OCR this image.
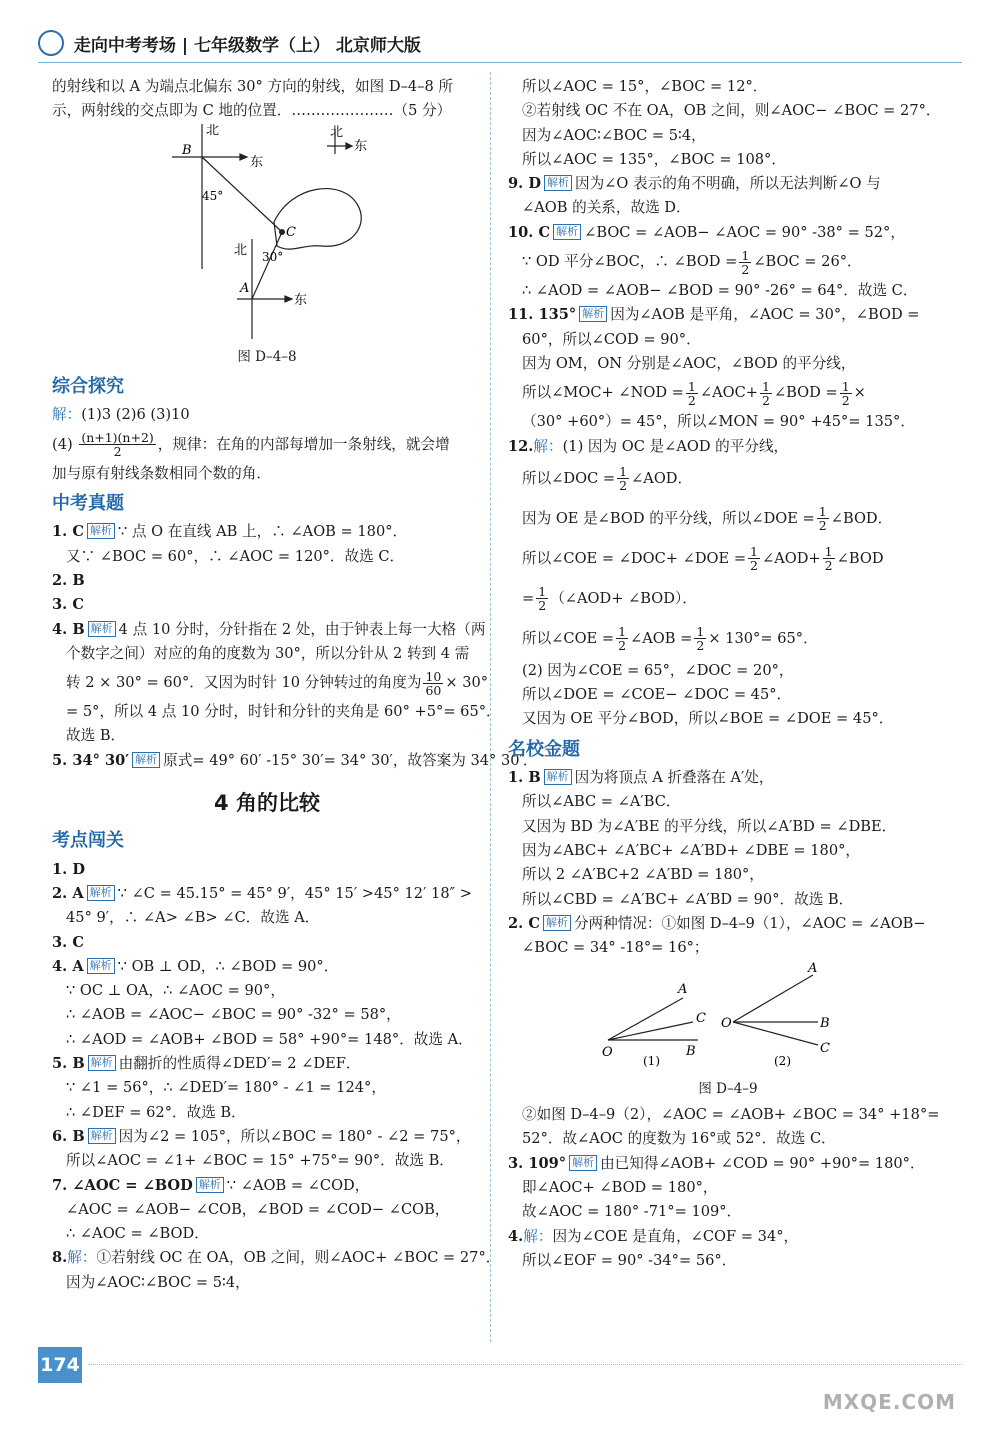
走向中考考场 | 七年级数学（上） 北京师大版
的射线和以 A 为端点北偏东 30° 方向的射线，如图 D–4–8 所
示，两射线的交点即为 C 地的位置．…………………（5 分）
北
B
东
45°
C
北 30°
A
东
北
东
图 D–4–8
综合探究
解：(1)3 (2)6 (3)10
$(4) \frac{(n+1)(n+2)}{2}$ ，规律：在角的内部每增加一条射线，就会增
加与原有射线条数相同个数的角．
中考真题
1. C 解析 ∵ 点 O 在直线 AB 上，∴ ∠AOB = 180°．
又∵ ∠BOC = 60°，∴ ∠AOC = 120°．故选 C．
2. B
3. C
4. B 解析 4 点 10 分时，分针指在 2 处，由于钟表上每一大格（两
个数字之间）对应的角的度数为 30°，所以分针从 2 转到 4 需
转 2 × 30° = 60°．又因为时针 10 分钟转过的角度为 $\frac{10}{60} \times 30^\circ$
= 5°，所以 4 点 10 分时，时针和分针的夹角是 60° +5°= 65°．
故选 B．
5. 34° 30′ 解析 原式= 49° 60′ -15° 30′= 34° 30′，故答案为 34° 30′．
4 角的比较
考点闯关
1. D
2. A 解析 ∵ ∠C = 45.15° = 45° 9′，45° 15′ >45° 12′ 18″ >
45° 9′，∴ ∠A> ∠B> ∠C．故选 A．
3. C
4. A 解析 ∵ OB ⊥ OD，∴ ∠BOD = 90°．
∵ OC ⊥ OA，∴ ∠AOC = 90°，
∴ ∠AOB = ∠AOC− ∠BOC = 90° -32° = 58°，
∴ ∠AOD = ∠AOB+ ∠BOD = 58° +90°= 148°．故选 A．
5. B 解析 由翻折的性质得∠DED′= 2 ∠DEF．
∵ ∠1 = 56°，∴ ∠DED′= 180° - ∠1 = 124°，
∴ ∠DEF = 62°．故选 B．
6. B 解析 因为∠2 = 105°，所以∠BOC = 180° - ∠2 = 75°，
所以∠AOC = ∠1+ ∠BOC = 15° +75°= 90°．故选 B．
7. ∠AOC = ∠BOD 解析 ∵ ∠AOB = ∠COD，
∠AOC = ∠AOB− ∠COB，∠BOD = ∠COD− ∠COB，
∴ ∠AOC = ∠BOD．
8.解：①若射线 OC 在 OA，OB 之间，则∠AOC+ ∠BOC = 27°．
因为∠AOC∶∠BOC = 5∶4，
所以∠AOC = 15°，∠BOC = 12°．
②若射线 OC 不在 OA，OB 之间，则∠AOC− ∠BOC = 27°．
因为∠AOC∶∠BOC = 5∶4，
所以∠AOC = 135°，∠BOC = 108°．
9. D 解析 因为∠O 表示的角不明确，所以无法判断∠O 与
∠AOB 的关系，故选 D．
10. C 解析 ∠BOC = ∠AOB− ∠AOC = 90° -38° = 52°，
∵ OD 平分∠BOC，∴ ∠BOD = $\frac{1}{2}$ ∠BOC = 26°．
∴ ∠AOD = ∠AOB− ∠BOD = 90° -26° = 64°．故选 C．
11. 135° 解析 因为∠AOB 是平角，∠AOC = 30°，∠BOD =
60°，所以∠COD = 90°．
因为 OM，ON 分别是∠AOC，∠BOD 的平分线，
所以∠MOC+ ∠NOD = $\frac{1}{2}$ ∠AOC+ $\frac{1}{2}$ ∠BOD = $\frac{1}{2}$ ×
（30° +60°）= 45°，所以∠MON = 90° +45°= 135°．
12.解：(1) 因为 OC 是∠AOD 的平分线，
所以∠DOC = $\frac{1}{2}$ ∠AOD．
因为 OE 是∠BOD 的平分线，所以∠DOE = $\frac{1}{2}$ ∠BOD．
所以∠COE = ∠DOC+ ∠DOE = $\frac{1}{2}$ ∠AOD+ $\frac{1}{2}$ ∠BOD
= $\frac{1}{2}$ （∠AOD+ ∠BOD）．
所以∠COE = $\frac{1}{2}$ ∠AOB = $\frac{1}{2} \times 130^\circ= 65^\circ$．
(2) 因为∠COE = 65°，∠DOC = 20°，
所以∠DOE = ∠COE− ∠DOC = 45°．
又因为 OE 平分∠BOD，所以∠BOE = ∠DOE = 45°．
名校金题
1. B 解析 因为将顶点 A 折叠落在 A′处，
所以∠ABC = ∠A′BC．
又因为 BD 为∠A′BE 的平分线，所以∠A′BD = ∠DBE．
因为∠ABC+ ∠A′BC+ ∠A′BD+ ∠DBE = 180°，
所以 2 ∠A′BC+2 ∠A′BD = 180°，
所以∠CBD = ∠A′BC+ ∠A′BD = 90°．故选 B．
2. C 解析 分两种情况：①如图 D–4–9（1），∠AOC = ∠AOB−
∠BOC = 34° -18°= 16°；
A
C
B
O
(1)
A
B
C
O
(2)
图 D–4–9
②如图 D–4–9（2），∠AOC = ∠AOB+ ∠BOC = 34° +18°=
52°．故∠AOC 的度数为 16°或 52°．故选 C．
3. 109° 解析 由已知得∠AOB+ ∠COD = 90° +90°= 180°．
即∠AOC+ ∠BOD = 180°，
故∠AOC = 180° -71°= 109°．
4.解：因为∠COE 是直角，∠COF = 34°，
所以∠EOF = 90° -34°= 56°．
174
MXQE.COM
